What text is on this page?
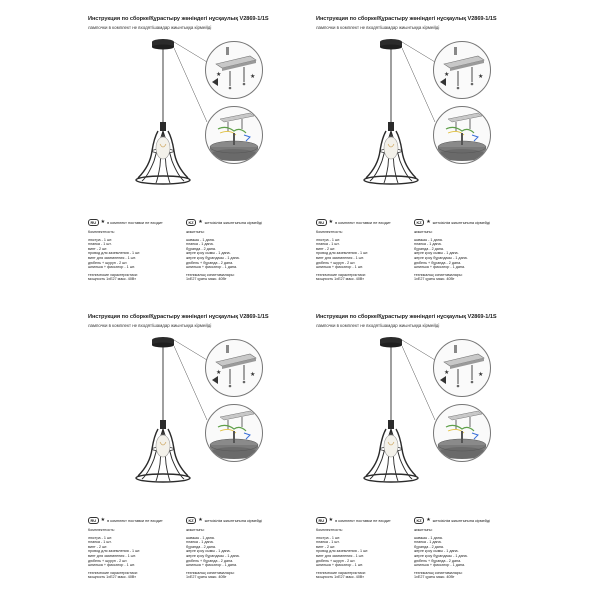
Инструкция по сборке/Құрастыру жөніндегі нұсқаулық V2869-1/1S
лампочки в комплект не входят/шамдар жиынтыққа кірмейді
★	★
RU ★ в комплект поставки не входит	KZ ★ жеткізілім жиынтығына кірмейді
Комплектность:
люстра - 1 шт.
планка - 1 шт.
винт - 2 шт.
провод для заземления - 1 шт.
винт для заземления - 1 шт.
дюбель + шуруп - 2 шт.
шпилька + фиксатор - 1 шт.
технические характеристики:
мощность 1xE27 макс. 40Вт
жиынтығы:
шамшы - 1 дана.
планка - 1 дана.
бұранда - 2 дана.
жерге қосу сымы - 1 дана.
жерге қосу бұрандасы - 1 дана.
дюбель + бұранда - 2 дана.
шпилька + фиксатор - 1 дана.
техникалық сипаттамалары:
1xE27 қуаты макс. 40Вт
Инструкция по сборке/Құрастыру жөніндегі нұсқаулық V2869-1/1S
лампочки в комплект не входят/шамдар жиынтыққа кірмейді
★	★
RU ★ в комплект поставки не входит	KZ ★ жеткізілім жиынтығына кірмейді
Комплектность:
люстра - 1 шт.
планка - 1 шт.
винт - 2 шт.
провод для заземления - 1 шт.
винт для заземления - 1 шт.
дюбель + шуруп - 2 шт.
шпилька + фиксатор - 1 шт.
технические характеристики:
мощность 1xE27 макс. 40Вт
жиынтығы:
шамшы - 1 дана.
планка - 1 дана.
бұранда - 2 дана.
жерге қосу сымы - 1 дана.
жерге қосу бұрандасы - 1 дана.
дюбель + бұранда - 2 дана.
шпилька + фиксатор - 1 дана.
техникалық сипаттамалары:
1xE27 қуаты макс. 40Вт
Инструкция по сборке/Құрастыру жөніндегі нұсқаулық V2869-1/1S
лампочки в комплект не входят/шамдар жиынтыққа кірмейді
★	★
RU ★ в комплект поставки не входит	KZ ★ жеткізілім жиынтығына кірмейді
Комплектность:
люстра - 1 шт.
планка - 1 шт.
винт - 2 шт.
провод для заземления - 1 шт.
винт для заземления - 1 шт.
дюбель + шуруп - 2 шт.
шпилька + фиксатор - 1 шт.
технические характеристики:
мощность 1xE27 макс. 40Вт
жиынтығы:
шамшы - 1 дана.
планка - 1 дана.
бұранда - 2 дана.
жерге қосу сымы - 1 дана.
жерге қосу бұрандасы - 1 дана.
дюбель + бұранда - 2 дана.
шпилька + фиксатор - 1 дана.
техникалық сипаттамалары:
1xE27 қуаты макс. 40Вт
Инструкция по сборке/Құрастыру жөніндегі нұсқаулық V2869-1/1S
лампочки в комплект не входят/шамдар жиынтыққа кірмейді
★	★
RU ★ в комплект поставки не входит	KZ ★ жеткізілім жиынтығына кірмейді
Комплектность:
люстра - 1 шт.
планка - 1 шт.
винт - 2 шт.
провод для заземления - 1 шт.
винт для заземления - 1 шт.
дюбель + шуруп - 2 шт.
шпилька + фиксатор - 1 шт.
технические характеристики:
мощность 1xE27 макс. 40Вт
жиынтығы:
шамшы - 1 дана.
планка - 1 дана.
бұранда - 2 дана.
жерге қосу сымы - 1 дана.
жерге қосу бұрандасы - 1 дана.
дюбель + бұранда - 2 дана.
шпилька + фиксатор - 1 дана.
техникалық сипаттамалары:
1xE27 қуаты макс. 40Вт
